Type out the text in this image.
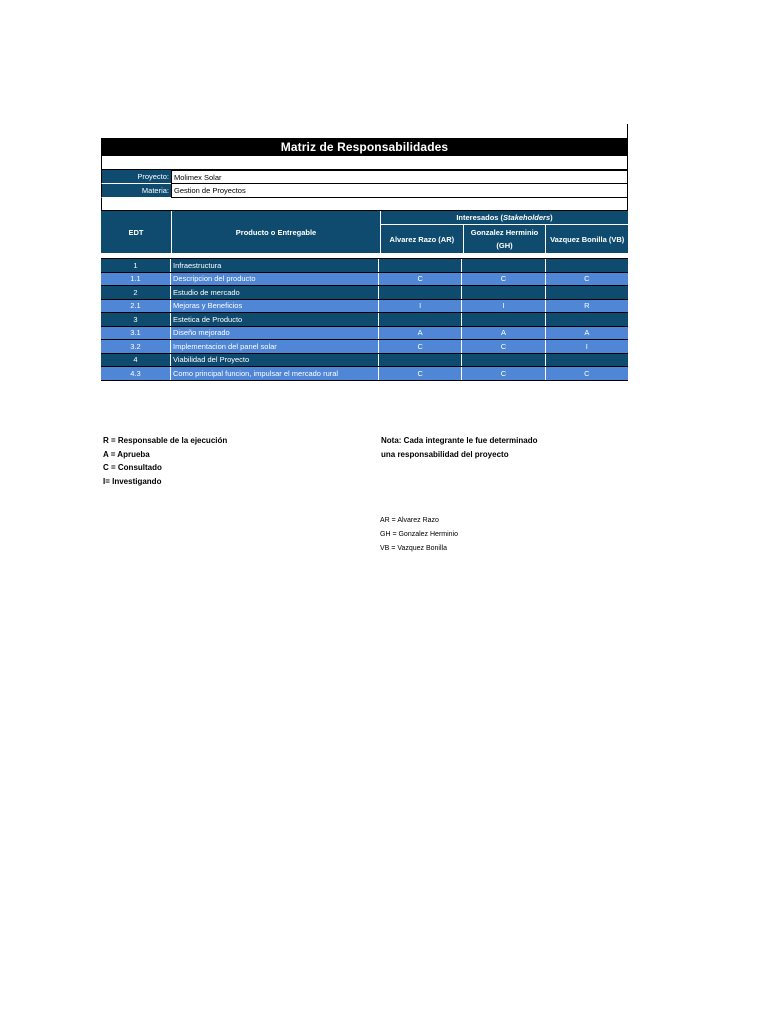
Matriz de Responsabilidades
Proyecto: Molimex Solar
Materia: Gestion de Proyectos
EDT	Producto o Entregable
Interesados ( Stakeholders )
Alvarez Razo (AR)
Gonzalez Herminio (GH)
Vazquez Bonilla (VB)
1	Infraestructura
1.1	Descripcion del producto	C	C	C
2	Estudio de mercado
2.1	Mejoras y Beneficios	I	I	R
3	Estetica de Producto
3.1	Diseño mejorado	A	A	A
3.2	Implementacion del panel solar	C	C	I
4	Viabilidad del Proyecto
4.3	Como principal funcion, impulsar el mercado rural	C	C	C
R = Responsable de la ejecución
A = Aprueba
C = Consultado
I= Investigando
Nota: Cada integrante le fue determinado
una responsabilidad del proyecto
AR = Alvarez Razo
GH = Gonzalez Herminio
VB = Vazquez Bonilla
